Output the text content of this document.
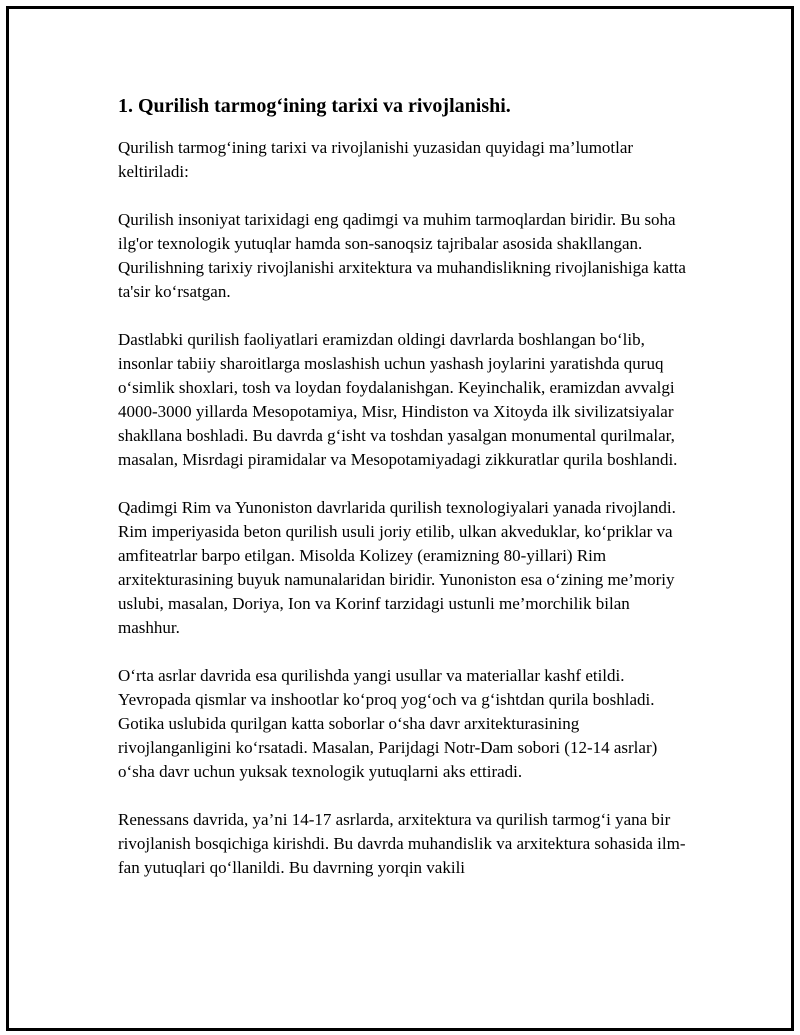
1. Qurilish tarmog‘ining tarixi va rivojlanishi.

Qurilish tarmog‘ining tarixi va rivojlanishi yuzasidan quyidagi ma’lumotlar keltiriladi:

Qurilish insoniyat tarixidagi eng qadimgi va muhim tarmoqlardan biridir. Bu soha ilg'or texnologik yutuqlar hamda son-sanoqsiz tajribalar asosida shakllangan. Qurilishning tarixiy rivojlanishi arxitektura va muhandislikning rivojlanishiga katta ta'sir ko‘rsatgan.

Dastlabki qurilish faoliyatlari eramizdan oldingi davrlarda boshlangan bo‘lib, insonlar tabiiy sharoitlarga moslashish uchun yashash joylarini yaratishda quruq o‘simlik shoxlari, tosh va loydan foydalanishgan. Keyinchalik, eramizdan avvalgi 4000-3000 yillarda Mesopotamiya, Misr, Hindiston va Xitoyda ilk sivilizatsiyalar shakllana boshladi. Bu davrda g‘isht va toshdan yasalgan monumental qurilmalar, masalan, Misrdagi piramidalar va Mesopotamiyadagi zikkuratlar qurila boshlandi.

Qadimgi Rim va Yunoniston davrlarida qurilish texnologiyalari yanada rivojlandi. Rim imperiyasida beton qurilish usuli joriy etilib, ulkan akveduklar, ko‘priklar va amfiteatrlar barpo etilgan. Misolda Kolizey (eramizning 80-yillari) Rim arxitekturasining buyuk namunalaridan biridir. Yunoniston esa o‘zining me’moriy uslubi, masalan, Doriya, Ion va Korinf tarzidagi ustunli me’morchilik bilan mashhur.

O‘rta asrlar davrida esa qurilishda yangi usullar va materiallar kashf etildi. Yevropada qismlar va inshootlar ko‘proq yog‘och va g‘ishtdan qurila boshladi. Gotika uslubida qurilgan katta soborlar o‘sha davr arxitekturasining rivojlanganligini ko‘rsatadi. Masalan, Parijdagi Notr-Dam sobori (12-14 asrlar) o‘sha davr uchun yuksak texnologik yutuqlarni aks ettiradi.

Renessans davrida, ya’ni 14-17 asrlarda, arxitektura va qurilish tarmog‘i yana bir rivojlanish bosqichiga kirishdi. Bu davrda muhandislik va arxitektura sohasida ilm-fan yutuqlari qo‘llanildi. Bu davrning yorqin vakili
